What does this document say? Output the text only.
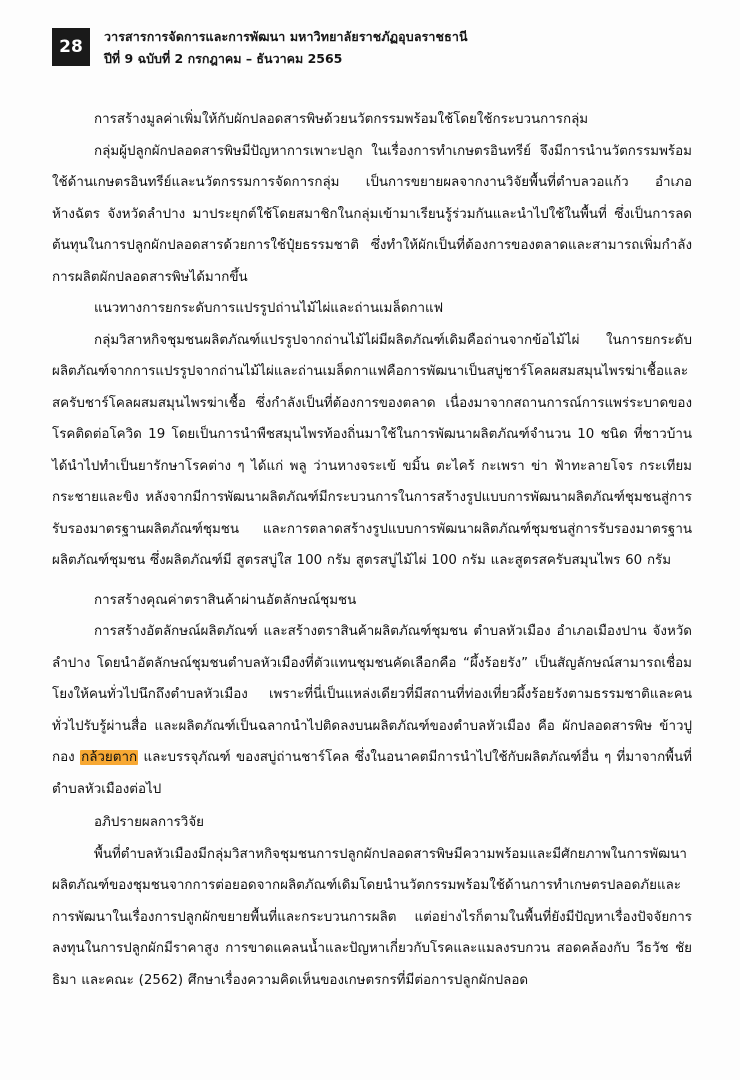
28
วารสารการจัดการและการพัฒนา มหาวิทยาลัยราชภัฏอุบลราชธานี
ปีที่ 9 ฉบับที่ 2 กรกฎาคม – ธันวาคม 2565

การสร้างมูลค่าเพิ่มให้กับผักปลอดสารพิษด้วยนวัตกรรมพร้อมใช้โดยใช้กระบวนการกลุ่ม

กลุ่มผู้ปลูกผักปลอดสารพิษมีปัญหาการเพาะปลูก ในเรื่องการทำเกษตรอินทรีย์ จึงมีการนำนวัตกรรมพร้อมใช้ด้านเกษตรอินทรีย์และนวัตกรรมการจัดการกลุ่ม เป็นการขยายผลจากงานวิจัยพื้นที่ตำบลวอแก้ว อำเภอห้างฉัตร จังหวัดลำปาง มาประยุกต์ใช้โดยสมาชิกในกลุ่มเข้ามาเรียนรู้ร่วมกันและนำไปใช้ในพื้นที่ ซึ่งเป็นการลดต้นทุนในการปลูกผักปลอดสารด้วยการใช้ปุ๋ยธรรมชาติ ซึ่งทำให้ผักเป็นที่ต้องการของตลาดและสามารถเพิ่มกำลังการผลิตผักปลอดสารพิษได้มากขึ้น

แนวทางการยกระดับการแปรรูปถ่านไม้ไผ่และถ่านเมล็ดกาแฟ

กลุ่มวิสาหกิจชุมชนผลิตภัณฑ์แปรรูปจากถ่านไม้ไผ่มีผลิตภัณฑ์เดิมคือถ่านจากข้อไม้ไผ่ ในการยกระดับผลิตภัณฑ์จากการแปรรูปจากถ่านไม้ไผ่และถ่านเมล็ดกาแฟคือการพัฒนาเป็นสบู่ชาร์โคลผสมสมุนไพรฆ่าเชื้อและสครับชาร์โคลผสมสมุนไพรฆ่าเชื้อ ซึ่งกำลังเป็นที่ต้องการของตลาด เนื่องมาจากสถานการณ์การแพร่ระบาดของโรคติดต่อโควิด 19 โดยเป็นการนำพืชสมุนไพรท้องถิ่นมาใช้ในการพัฒนาผลิตภัณฑ์จำนวน 10 ชนิด ที่ชาวบ้านได้นำไปทำเป็นยารักษาโรคต่าง ๆ ได้แก่ พลู ว่านหางจระเข้ ขมิ้น ตะไคร้ กะเพรา ข่า ฟ้าทะลายโจร กระเทียม กระชายและขิง หลังจากมีการพัฒนาผลิตภัณฑ์มีกระบวนการในการสร้างรูปแบบการพัฒนาผลิตภัณฑ์ชุมชนสู่การรับรองมาตรฐานผลิตภัณฑ์ชุมชน และการตลาดสร้างรูปแบบการพัฒนาผลิตภัณฑ์ชุมชนสู่การรับรองมาตรฐานผลิตภัณฑ์ชุมชน ซึ่งผลิตภัณฑ์มี สูตรสบู่ใส 100 กรัม สูตรสบู่ไม้ไผ่ 100 กรัม และสูตรสครับสมุนไพร 60 กรัม

การสร้างคุณค่าตราสินค้าผ่านอัตลักษณ์ชุมชน

การสร้างอัตลักษณ์ผลิตภัณฑ์ และสร้างตราสินค้าผลิตภัณฑ์ชุมชน ตำบลหัวเมือง อำเภอเมืองปาน จังหวัดลำปาง โดยนำอัตลักษณ์ชุมชนตำบลหัวเมืองที่ตัวแทนชุมชนคัดเลือกคือ “ผึ้งร้อยรัง” เป็นสัญลักษณ์สามารถเชื่อมโยงให้คนทั่วไปนึกถึงตำบลหัวเมือง เพราะที่นี่เป็นแหล่งเดียวที่มีสถานที่ท่องเที่ยวผึ้งร้อยรังตามธรรมชาติและคนทั่วไปรับรู้ผ่านสื่อ และผลิตภัณฑ์เป็นฉลากนำไปติดลงบนผลิตภัณฑ์ของตำบลหัวเมือง คือ ผักปลอดสารพิษ ข้าวปูกอง กล้วยตาก และบรรจุภัณฑ์ ของสบู่ถ่านชาร์โคล ซึ่งในอนาคตมีการนำไปใช้กับผลิตภัณฑ์อื่น ๆ ที่มาจากพื้นที่ตำบลหัวเมืองต่อไป

อภิปรายผลการวิจัย

พื้นที่ตำบลหัวเมืองมีกลุ่มวิสาหกิจชุมชนการปลูกผักปลอดสารพิษมีความพร้อมและมีศักยภาพในการพัฒนาผลิตภัณฑ์ของชุมชนจากการต่อยอดจากผลิตภัณฑ์เดิมโดยนำนวัตกรรมพร้อมใช้ด้านการทำเกษตรปลอดภัยและการพัฒนาในเรื่องการปลูกผักขยายพื้นที่และกระบวนการผลิต แต่อย่างไรก็ตามในพื้นที่ยังมีปัญหาเรื่องปัจจัยการลงทุนในการปลูกผักมีราคาสูง การขาดแคลนน้ำและปัญหาเกี่ยวกับโรคและแมลงรบกวน สอดคล้องกับ วีธวัช ชัยธิมา และคณะ (2562) ศึกษาเรื่องความคิดเห็นของเกษตรกรที่มีต่อการปลูกผักปลอด
